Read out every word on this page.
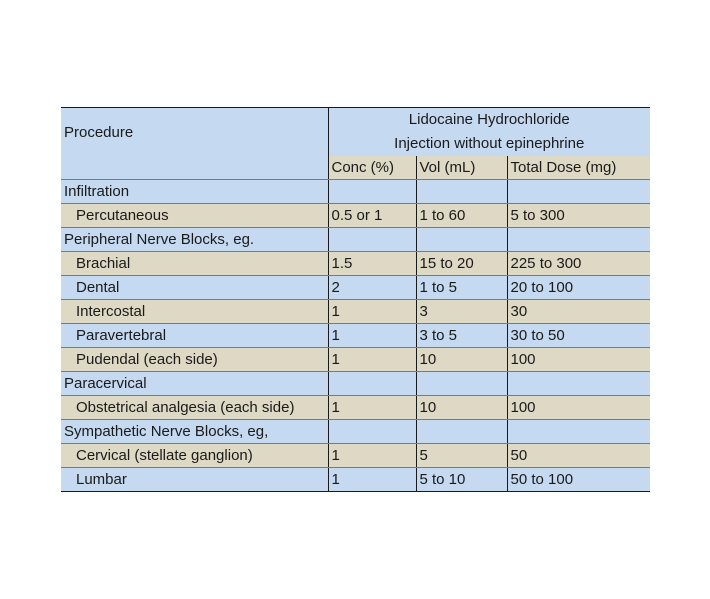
Procedure	Lidocaine Hydrochloride
Injection without epinephrine		

	Conc (%)	Vol (mL)	Total Dose (mg)
Infiltration			
Percutaneous	0.5 or 1	1 to 60	5 to 300
Peripheral Nerve Blocks, eg.			
Brachial	1.5	15 to 20	225 to 300
Dental	2	1 to 5	20 to 100
Intercostal	1	3	30
Paravertebral	1	3 to 5	30 to 50
Pudendal (each side)	1	10	100
Paracervical			
Obstetrical analgesia (each side)	1	10	100
Sympathetic Nerve Blocks, eg,			
Cervical (stellate ganglion)	1	5	50
Lumbar	1	5 to 10	50 to 100
